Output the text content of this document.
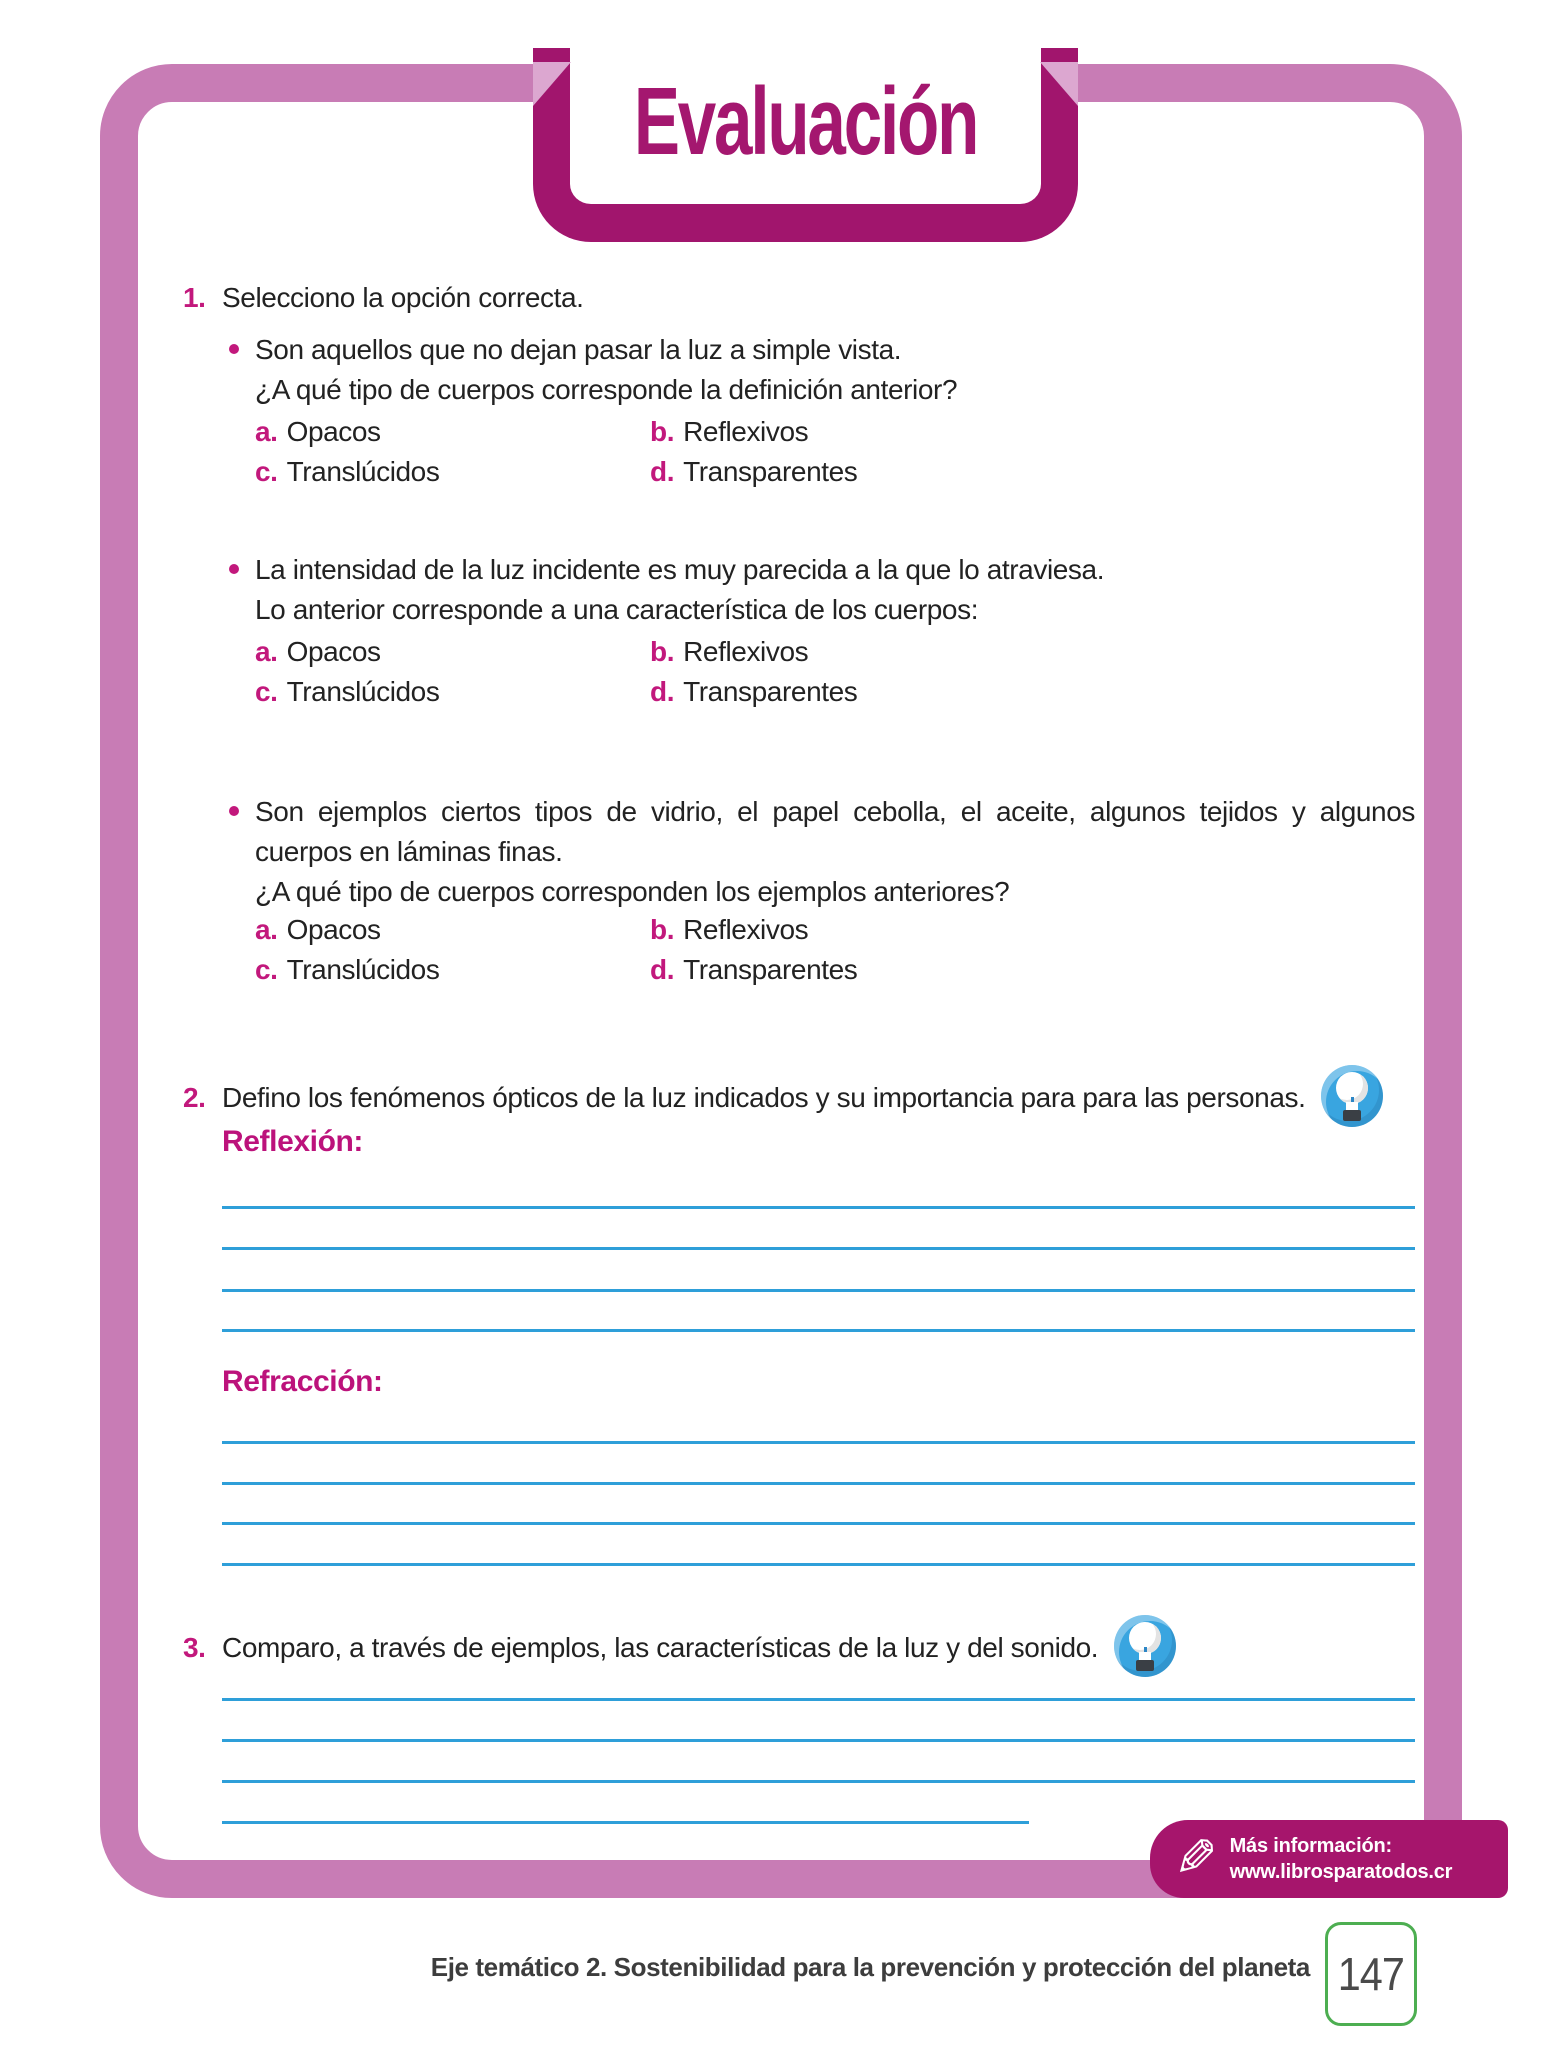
Evaluación
1. Selecciono la opción correcta.
Son aquellos que no dejan pasar la luz a simple vista.
¿A qué tipo de cuerpos corresponde la definición anterior?
a. Opacos	b. Reflexivos
c. Translúcidos	d. Transparentes
La intensidad de la luz incidente es muy parecida a la que lo atraviesa.
Lo anterior corresponde a una característica de los cuerpos:
a. Opacos	b. Reflexivos
c. Translúcidos	d. Transparentes
Son ejemplos ciertos tipos de vidrio, el papel cebolla, el aceite, algunos tejidos y algunos
cuerpos en láminas finas.
¿A qué tipo de cuerpos corresponden los ejemplos anteriores?
a. Opacos	b. Reflexivos
c. Translúcidos	d. Transparentes
2. Defino los fenómenos ópticos de la luz indicados y su importancia para para las personas.
Reflexión:
Refracción:
3. Comparo, a través de ejemplos, las características de la luz y del sonido.
✎ Más información:
www.librosparatodos.cr
Eje temático 2. Sostenibilidad para la prevención y protección del planeta 147
